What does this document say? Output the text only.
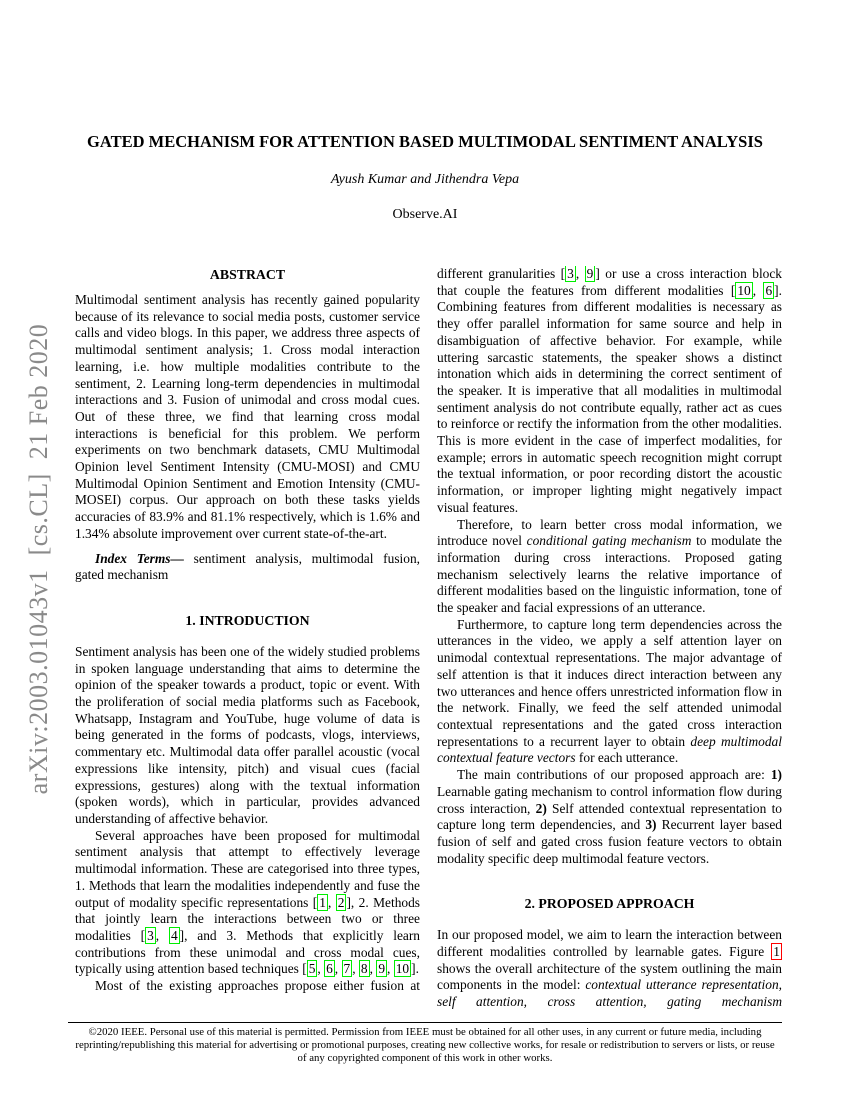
arXiv:2003.01043v1  [cs.CL]  21 Feb 2020
GATED MECHANISM FOR ATTENTION BASED MULTIMODAL SENTIMENT ANALYSIS
Ayush Kumar and Jithendra Vepa
Observe.AI
ABSTRACT
Multimodal sentiment analysis has recently gained popularity because of its relevance to social media posts, customer service calls and video blogs. In this paper, we address three aspects of multimodal sentiment analysis; 1. Cross modal interaction learning, i.e. how multiple modalities contribute to the sentiment, 2. Learning long-term dependencies in multimodal interactions and 3. Fusion of unimodal and cross modal cues. Out of these three, we find that learning cross modal interactions is beneficial for this problem. We perform experiments on two benchmark datasets, CMU Multimodal Opinion level Sentiment Intensity (CMU-MOSI) and CMU Multimodal Opinion Sentiment and Emotion Intensity (CMU-MOSEI) corpus. Our approach on both these tasks yields accuracies of 83.9% and 81.1% respectively, which is 1.6% and 1.34% absolute improvement over current state-of-the-art.
Index Terms— sentiment analysis, multimodal fusion, gated mechanism
1. INTRODUCTION
Sentiment analysis has been one of the widely studied problems in spoken language understanding that aims to determine the opinion of the speaker towards a product, topic or event. With the proliferation of social media platforms such as Facebook, Whatsapp, Instagram and YouTube, huge volume of data is being generated in the forms of podcasts, vlogs, interviews, commentary etc. Multimodal data offer parallel acoustic (vocal expressions like intensity, pitch) and visual cues (facial expressions, gestures) along with the textual information (spoken words), which in particular, provides advanced understanding of affective behavior.
Several approaches have been proposed for multimodal sentiment analysis that attempt to effectively leverage multimodal information. These are categorised into three types, 1. Methods that learn the modalities independently and fuse the output of modality specific representations [ 1 , 2 ], 2. Methods that jointly learn the interactions between two or three modalities [ 3 , 4 ], and 3. Methods that explicitly learn contributions from these unimodal and cross modal cues, typically using attention based techniques [ 5 , 6 , 7 , 8 , 9 , 10 ].
Most of the existing approaches propose either fusion at
different granularities [ 3 , 9 ] or use a cross interaction block that couple the features from different modalities [ 10 , 6 ]. Combining features from different modalities is necessary as they offer parallel information for same source and help in disambiguation of affective behavior. For example, while uttering sarcastic statements, the speaker shows a distinct intonation which aids in determining the correct sentiment of the speaker. It is imperative that all modalities in multimodal sentiment analysis do not contribute equally, rather act as cues to reinforce or rectify the information from the other modalities. This is more evident in the case of imperfect modalities, for example; errors in automatic speech recognition might corrupt the textual information, or poor recording distort the acoustic information, or improper lighting might negatively impact visual features.
Therefore, to learn better cross modal information, we introduce novel conditional gating mechanism to modulate the information during cross interactions. Proposed gating mechanism selectively learns the relative importance of different modalities based on the linguistic information, tone of the speaker and facial expressions of an utterance.
Furthermore, to capture long term dependencies across the utterances in the video, we apply a self attention layer on unimodal contextual representations. The major advantage of self attention is that it induces direct interaction between any two utterances and hence offers unrestricted information flow in the network. Finally, we feed the self attended unimodal contextual representations and the gated cross interaction representations to a recurrent layer to obtain deep multimodal contextual feature vectors for each utterance.
The main contributions of our proposed approach are: 1) Learnable gating mechanism to control information flow during cross interaction, 2) Self attended contextual representation to capture long term dependencies, and 3) Recurrent layer based fusion of self and gated cross fusion feature vectors to obtain modality specific deep multimodal feature vectors.
2. PROPOSED APPROACH
In our proposed model, we aim to learn the interaction between different modalities controlled by learnable gates. Figure 1 shows the overall architecture of the system outlining the main components in the model: contextual utterance representation, self attention, cross attention, gating mechanism
©2020 IEEE. Personal use of this material is permitted. Permission from IEEE must be obtained for all other uses, in any current or future media, including reprinting/republishing this material for advertising or promotional purposes, creating new collective works, for resale or redistribution to servers or lists, or reuse of any copyrighted component of this work in other works.
